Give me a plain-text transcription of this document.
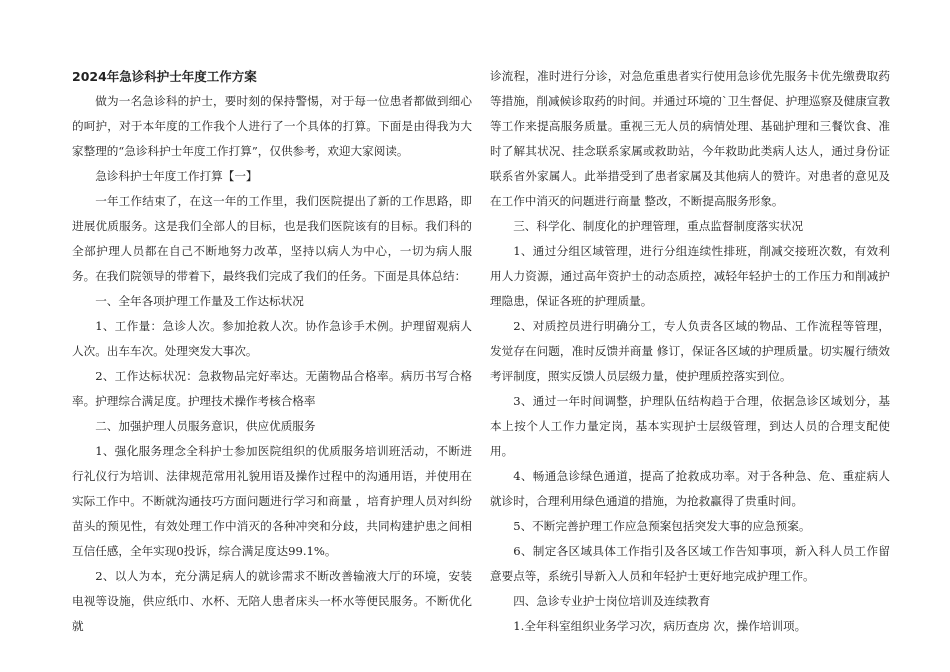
2024年急诊科护士年度工作方案

做为一名急诊科的护士，要时刻的保持警惕，对于每一位患者都做到细心的呵护，对于本年度的工作我个人进行了一个具体的打算。下面是由得我为大家整理的“急诊科护士年度工作打算”，仅供参考，欢迎大家阅读。

急诊科护士年度工作打算【一】

一年工作结束了，在这一年的工作里，我们医院提出了新的工作思路，即进展优质服务。这是我们全部人的目标，也是我们医院该有的目标。我们科的全部护理人员都在自己不断地努力改革，坚持以病人为中心，一切为病人服务。在我们院领导的带着下，最终我们完成了我们的任务。下面是具体总结：

一、全年各项护理工作量及工作达标状况

1、工作量：急诊人次。参加抢救人次。协作急诊手术例。护理留观病人人次。出车车次。处理突发大事次。

2、工作达标状况：急救物品完好率达。无菌物品合格率。病历书写合格率。护理综合满足度。护理技术操作考核合格率

二、加强护理人员服务意识，供应优质服务

1、强化服务理念全科护士参加医院组织的优质服务培训班活动，不断进行礼仪行为培训、法律规范常用礼貌用语及操作过程中的沟通用语，并使用在实际工作中。不断就沟通技巧方面问题进行学习和商量 ，培育护理人员对纠纷苗头的预见性，有效处理工作中消灭的各种冲突和分歧，共同构建护患之间相互信任感，全年实现0投诉，综合满足度达99.1%。

2、以人为本，充分满足病人的就诊需求不断改善输液大厅的环境，安装电视等设施，供应纸巾、水杯、无陪人患者床头一杯水等便民服务。不断优化就

诊流程，准时进行分诊，对急危重患者实行使用急诊优先服务卡优先缴费取药等措施，削减候诊取药的时间。并通过环境的`卫生督促、护理巡察及健康宣教等工作来提高服务质量。重视三无人员的病情处理、基础护理和三餐饮食、准时了解其状况、挂念联系家属或救助站，今年救助此类病人达人，通过身份证联系省外家属人。此举措受到了患者家属及其他病人的赞许。对患者的意见及在工作中消灭的问题进行商量 整改，不断提高服务形象。

三、科学化、制度化的护理管理，重点监督制度落实状况

1、通过分组区域管理，进行分组连续性排班，削减交接班次数，有效利用人力资源，通过高年资护士的动态质控，减轻年轻护士的工作压力和削减护理隐患，保证各班的护理质量。

2、对质控员进行明确分工，专人负责各区域的物品、工作流程等管理，发觉存在问题，准时反馈并商量 修订，保证各区域的护理质量。切实履行绩效考评制度，照实反馈人员层级力量，使护理质控落实到位。

3、通过一年时间调整，护理队伍结构趋于合理，依据急诊区域划分，基本上按个人工作力量定岗，基本实现护士层级管理，到达人员的合理支配使用。

4、畅通急诊绿色通道，提高了抢救成功率。对于各种急、危、重症病人就诊时，合理利用绿色通道的措施，为抢救赢得了贵重时间。

5、不断完善护理工作应急预案包括突发大事的应急预案。

6、制定各区域具体工作指引及各区域工作告知事项，新入科人员工作留意要点等，系统引导新入人员和年轻护士更好地完成护理工作。

四、急诊专业护士岗位培训及连续教育

1.全年科室组织业务学习次，病历查房 次，操作培训项。
